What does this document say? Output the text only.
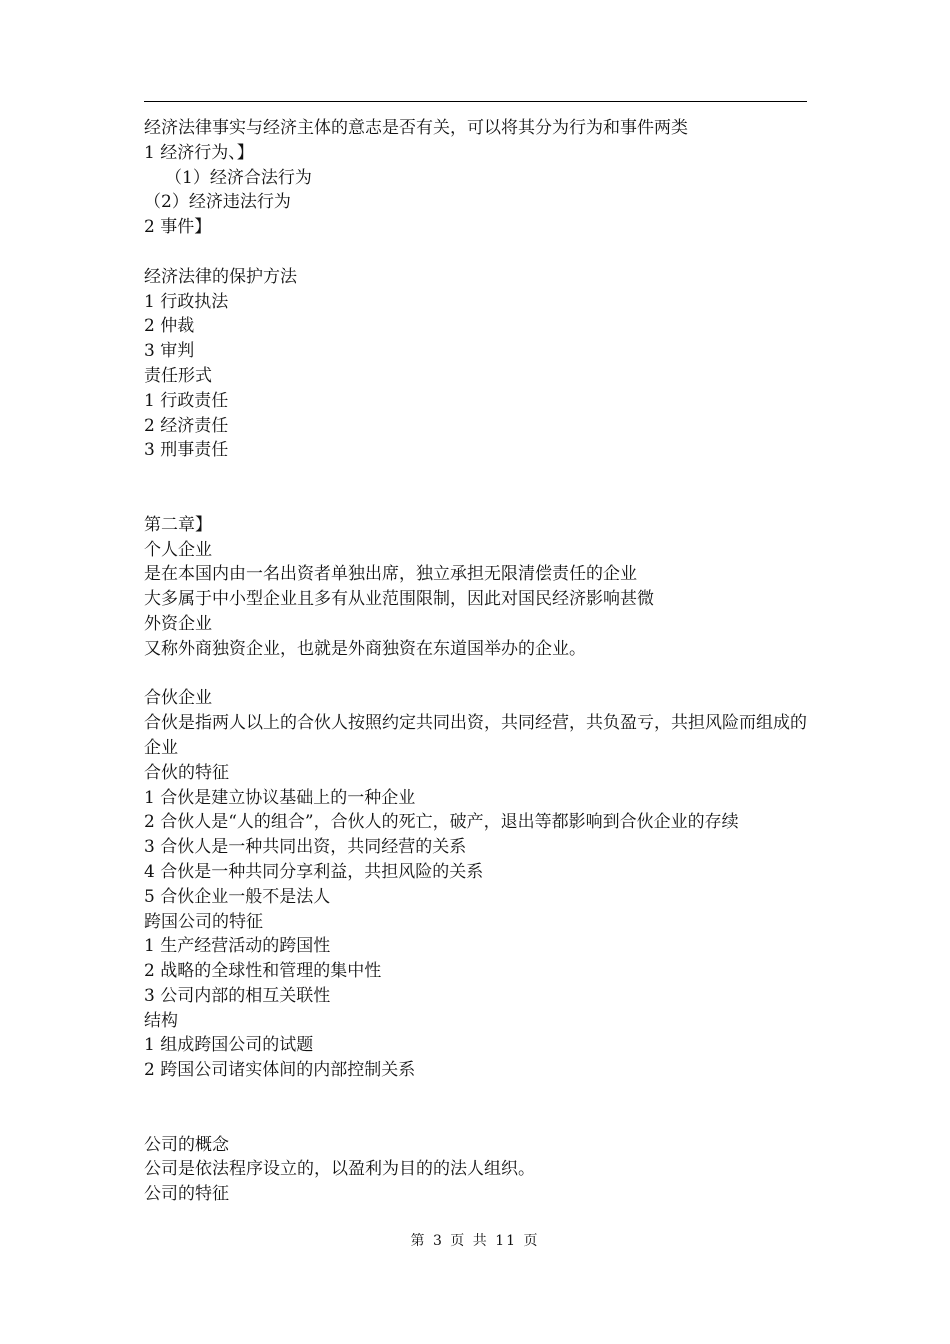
经济法律事实与经济主体的意志是否有关，可以将其分为行为和事件两类
1 经济行为、】
（1）经济合法行为
（2）经济违法行为
2 事件】
经济法律的保护方法
1 行政执法
2 仲裁
3 审判
责任形式
1 行政责任
2 经济责任
3 刑事责任
第二章】
个人企业
是在本国内由一名出资者单独出席，独立承担无限清偿责任的企业
大多属于中小型企业且多有从业范围限制，因此对国民经济影响甚微
外资企业
又称外商独资企业，也就是外商独资在东道国举办的企业。
合伙企业
合伙是指两人以上的合伙人按照约定共同出资，共同经营，共负盈亏，共担风险而组成的企业
合伙的特征
1 合伙是建立协议基础上的一种企业
2 合伙人是“人的组合”，合伙人的死亡，破产，退出等都影响到合伙企业的存续
3 合伙人是一种共同出资，共同经营的关系
4 合伙是一种共同分享利益，共担风险的关系
5 合伙企业一般不是法人
跨国公司的特征
1 生产经营活动的跨国性
2 战略的全球性和管理的集中性
3 公司内部的相互关联性
结构
1 组成跨国公司的试题
2 跨国公司诸实体间的内部控制关系
公司的概念
公司是依法程序设立的，以盈利为目的的法人组织。
公司的特征
第 3 页 共 11 页
